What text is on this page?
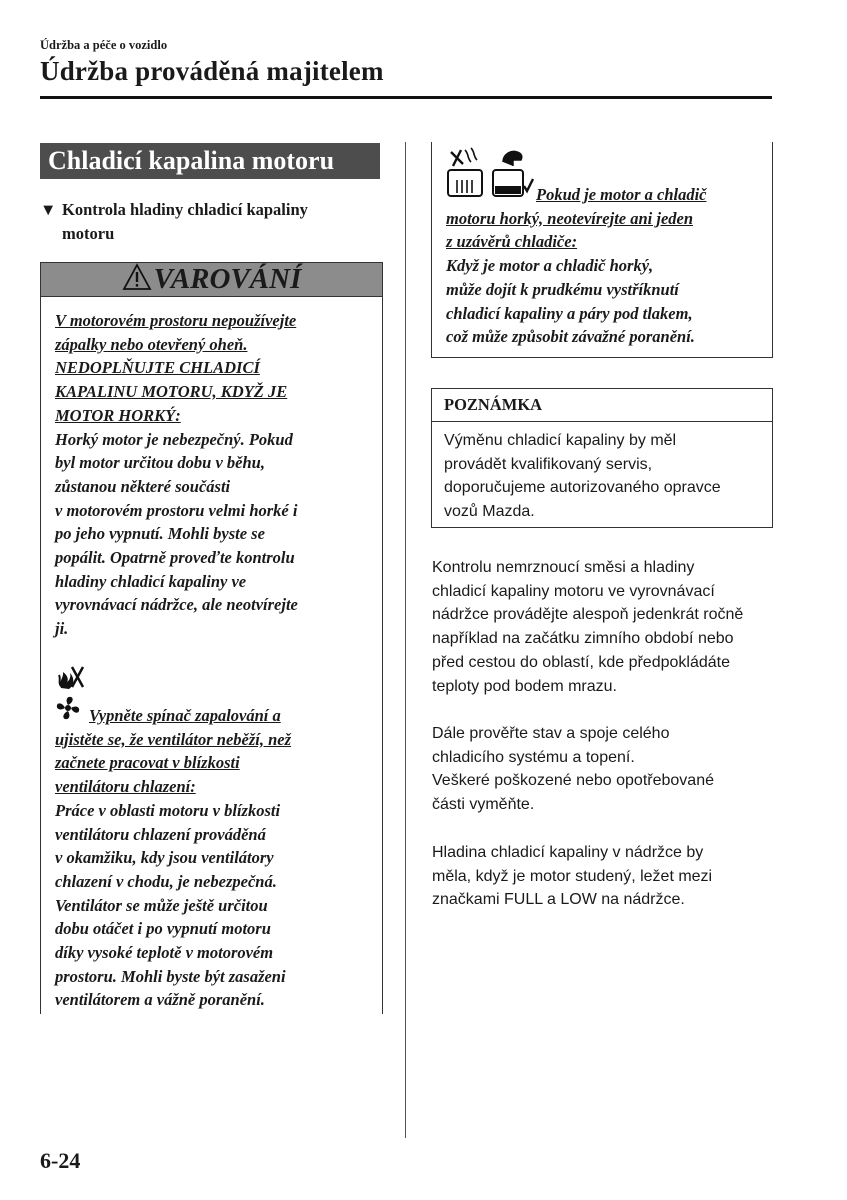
Údržba a péče o vozidlo
Údržba prováděná majitelem
Chladicí kapalina motoru
▼ Kontrola hladiny chladicí kapaliny
motoru
VAROVÁNÍ
V motorovém prostoru nepoužívejte
zápalky nebo otevřený oheň.
NEDOPLŇUJTE CHLADICÍ
KAPALINU MOTORU, KDYŽ JE
MOTOR HORKÝ:
Horký motor je nebezpečný. Pokud
byl motor určitou dobu v běhu,
zůstanou některé součásti
v motorovém prostoru velmi horké i
po jeho vypnutí. Mohli byste se
popálit. Opatrně proveďte kontrolu
hladiny chladicí kapaliny ve
vyrovnávací nádržce, ale neotvírejte
ji.
Vypněte spínač zapalování a
ujistěte se, že ventilátor neběží, než
začnete pracovat v blízkosti
ventilátoru chlazení:
Práce v oblasti motoru v blízkosti
ventilátoru chlazení prováděná
v okamžiku, kdy jsou ventilátory
chlazení v chodu, je nebezpečná.
Ventilátor se může ještě určitou
dobu otáčet i po vypnutí motoru
díky vysoké teplotě v motorovém
prostoru. Mohli byste být zasaženi
ventilátorem a vážně poranění.

Pokud je motor a chladič
motoru horký, neotevírejte ani jeden
z uzávěrů chladiče:
Když je motor a chladič horký,
může dojít k prudkému vystříknutí
chladicí kapaliny a páry pod tlakem,
což může způsobit závažné poranění.
POZNÁMKA
Výměnu chladicí kapaliny by měl
provádět kvalifikovaný servis,
doporučujeme autorizovaného opravce
vozů Mazda.
Kontrolu nemrznoucí směsi a hladiny
chladicí kapaliny motoru ve vyrovnávací
nádržce provádějte alespoň jedenkrát ročně
například na začátku zimního období nebo
před cestou do oblastí, kde předpokládáte
teploty pod bodem mrazu.
Dále prověřte stav a spoje celého
chladicího systému a topení.
Veškeré poškozené nebo opotřebované
části vyměňte.
Hladina chladicí kapaliny v nádržce by
měla, když je motor studený, ležet mezi
značkami FULL a LOW na nádržce.
6-24
